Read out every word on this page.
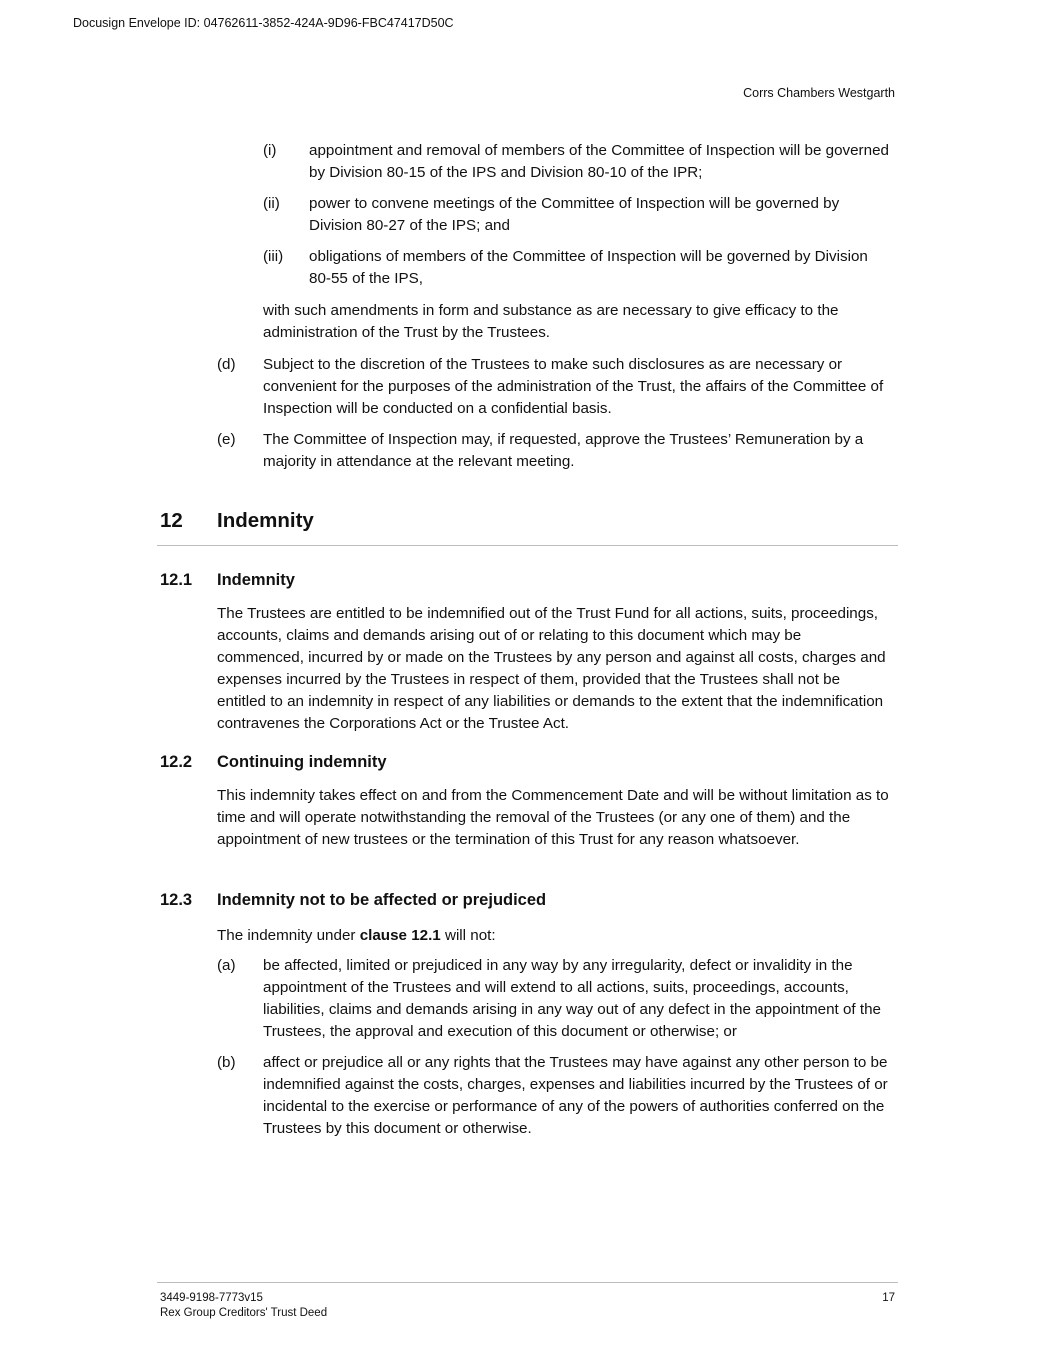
Docusign Envelope ID: 04762611-3852-424A-9D96-FBC47417D50C
Corrs Chambers Westgarth
(i) appointment and removal of members of the Committee of Inspection will be governed by Division 80-15 of the IPS and Division 80-10 of the IPR;

(ii) power to convene meetings of the Committee of Inspection will be governed by Division 80-27 of the IPS; and

(iii) obligations of members of the Committee of Inspection will be governed by Division 80-55 of the IPS,

with such amendments in form and substance as are necessary to give efficacy to the administration of the Trust by the Trustees.

(d) Subject to the discretion of the Trustees to make such disclosures as are necessary or convenient for the purposes of the administration of the Trust, the affairs of the Committee of Inspection will be conducted on a confidential basis.

(e) The Committee of Inspection may, if requested, approve the Trustees’ Remuneration by a majority in attendance at the relevant meeting.

12 Indemnity
12.1 Indemnity

The Trustees are entitled to be indemnified out of the Trust Fund for all actions, suits, proceedings, accounts, claims and demands arising out of or relating to this document which may be commenced, incurred by or made on the Trustees by any person and against all costs, charges and expenses incurred by the Trustees in respect of them, provided that the Trustees shall not be entitled to an indemnity in respect of any liabilities or demands to the extent that the indemnification contravenes the Corporations Act or the Trustee Act.

12.2 Continuing indemnity

This indemnity takes effect on and from the Commencement Date and will be without limitation as to time and will operate notwithstanding the removal of the Trustees (or any one of them) and the appointment of new trustees or the termination of this Trust for any reason whatsoever.

12.3 Indemnity not to be affected or prejudiced

The indemnity under clause 12.1 will not:

(a) be affected, limited or prejudiced in any way by any irregularity, defect or invalidity in the appointment of the Trustees and will extend to all actions, suits, proceedings, accounts, liabilities, claims and demands arising in any way out of any defect in the appointment of the Trustees, the approval and execution of this document or otherwise; or

(b) affect or prejudice all or any rights that the Trustees may have against any other person to be indemnified against the costs, charges, expenses and liabilities incurred by the Trustees of or incidental to the exercise or performance of any of the powers of authorities conferred on the Trustees by this document or otherwise.

3449-9198-7773v15
Rex Group Creditors' Trust Deed
17
